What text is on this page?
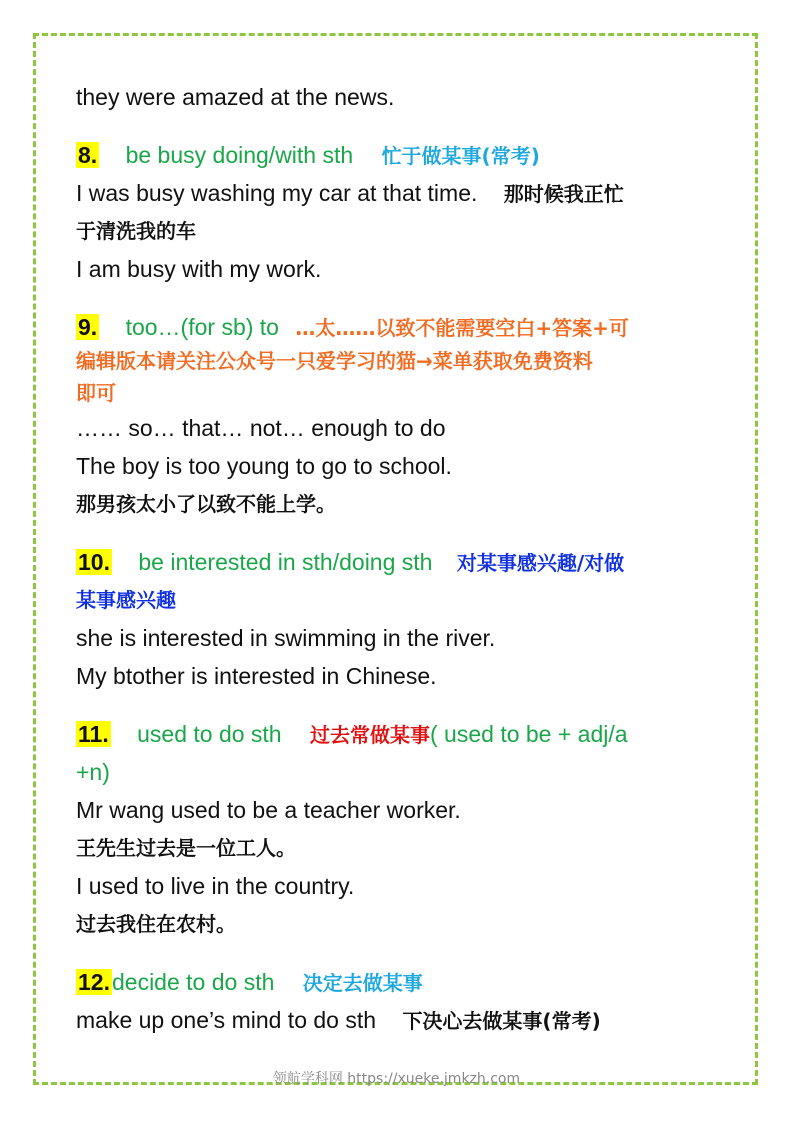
they were amazed at the news.
8. be busy doing/with sth 忙于做某事(常考)
I was busy washing my car at that time. 那时候我正忙
于清洗我的车
I am busy with my work.
9. too…(for sb) to …太……以致不能需要空白+答案+可
编辑版本请关注公众号一只爱学习的猫→菜单获取免费资料
即可
…… so… that… not… enough to do
The boy is too young to go to school.
那男孩太小了以致不能上学。
10. be interested in sth/doing sth 对某事感兴趣/对做
某事感兴趣
she is interested in swimming in the river.
My btother is interested in Chinese.
11. used to do sth 过去常做某事( used to be + adj/a
+n)
Mr wang used to be a teacher worker.
王先生过去是一位工人。
I used to live in the country.
过去我住在农村。
12.decide to do sth 决定去做某事
make up one’s mind to do sth 下决心去做某事(常考)
领航学科网 https://xueke.jmkzh.com
